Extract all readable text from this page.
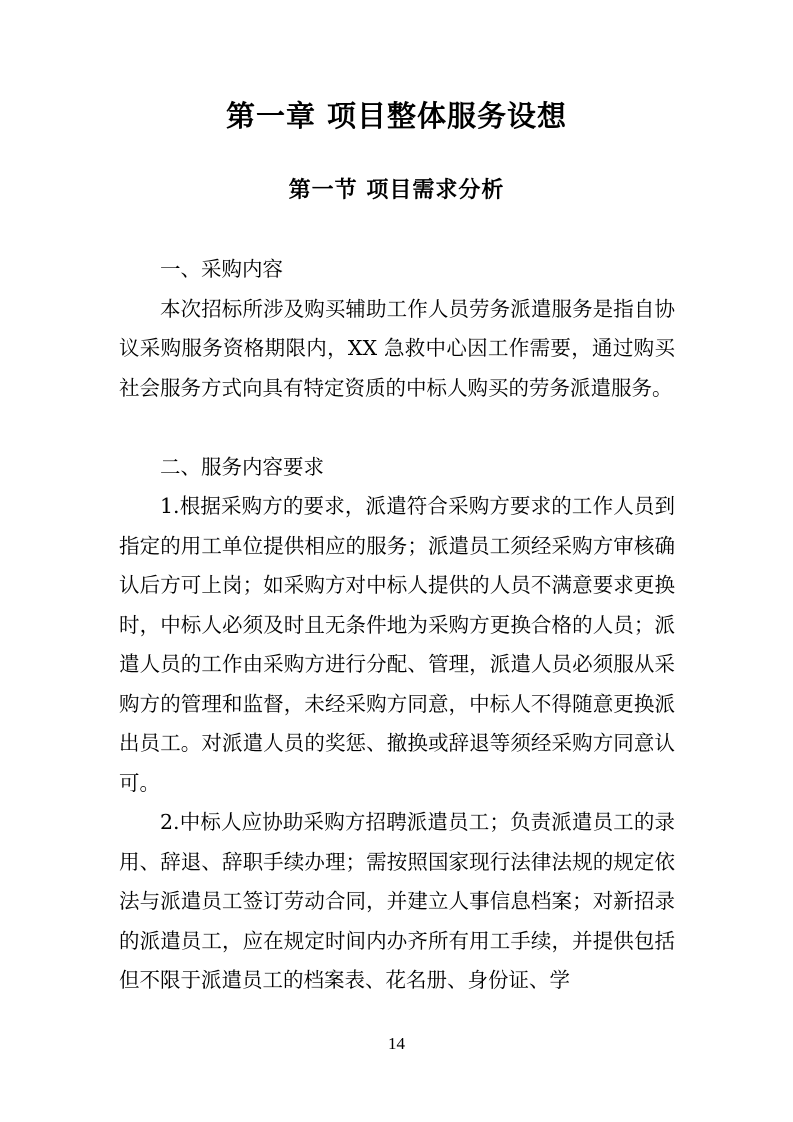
第一章 项目整体服务设想
第一节 项目需求分析

一、采购内容

本次招标所涉及购买辅助工作人员劳务派遣服务是指自协议采购服务资格期限内，XX 急救中心因工作需要，通过购买社会服务方式向具有特定资质的中标人购买的劳务派遣服务。

二、服务内容要求

1.根据采购方的要求，派遣符合采购方要求的工作人员到指定的用工单位提供相应的服务；派遣员工须经采购方审核确认后方可上岗；如采购方对中标人提供的人员不满意要求更换时，中标人必须及时且无条件地为采购方更换合格的人员；派遣人员的工作由采购方进行分配、管理，派遣人员必须服从采购方的管理和监督，未经采购方同意，中标人不得随意更换派出员工。对派遣人员的奖惩、撤换或辞退等须经采购方同意认可。

2.中标人应协助采购方招聘派遣员工；负责派遣员工的录用、辞退、辞职手续办理；需按照国家现行法律法规的规定依法与派遣员工签订劳动合同，并建立人事信息档案；对新招录的派遣员工，应在规定时间内办齐所有用工手续，并提供包括但不限于派遣员工的档案表、花名册、身份证、学

14
